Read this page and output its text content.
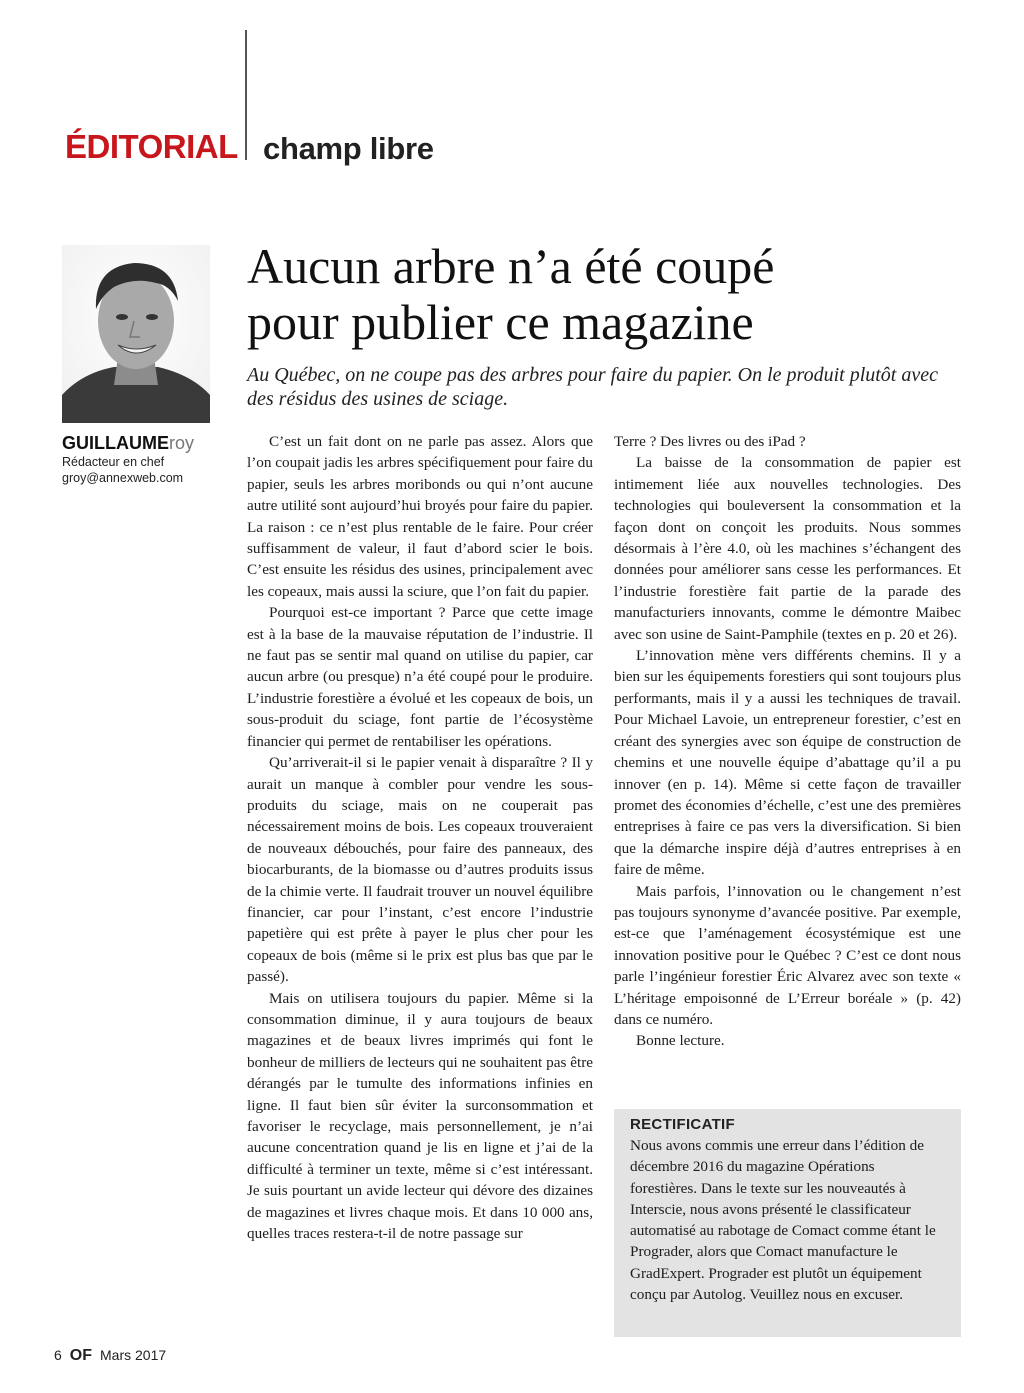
ÉDITORIAL champ libre
Aucun arbre n’a été coupé
pour publier ce magazine

Au Québec, on ne coupe pas des arbres pour faire du papier. On le produit plutôt avec des résidus des usines de sciage.

GUILLAUMEroy
Rédacteur en chef
groy@annexweb.com

C’est un fait dont on ne parle pas assez. Alors que l’on coupait jadis les arbres spécifiquement pour faire du papier, seuls les arbres moribonds ou qui n’ont aucune autre utilité sont aujourd’hui broyés pour faire du papier. La raison : ce n’est plus rentable de le faire. Pour créer suffisamment de valeur, il faut d’abord scier le bois. C’est ensuite les résidus des usines, principalement avec les copeaux, mais aussi la sciure, que l’on fait du papier.

Pourquoi est-ce important ? Parce que cette image est à la base de la mauvaise réputation de l’industrie. Il ne faut pas se sentir mal quand on utilise du papier, car aucun arbre (ou presque) n’a été coupé pour le produire. L’industrie forestière a évolué et les copeaux de bois, un sous-produit du sciage, font partie de l’écosystème financier qui permet de rentabiliser les opérations.

Qu’arriverait-il si le papier venait à disparaître ? Il y aurait un manque à combler pour vendre les sous-produits du sciage, mais on ne couperait pas nécessairement moins de bois. Les copeaux trouveraient de nouveaux débouchés, pour faire des panneaux, des biocarburants, de la biomasse ou d’autres produits issus de la chimie verte. Il faudrait trouver un nouvel équilibre financier, car pour l’instant, c’est encore l’industrie papetière qui est prête à payer le plus cher pour les copeaux de bois (même si le prix est plus bas que par le passé).

Mais on utilisera toujours du papier. Même si la consommation diminue, il y aura toujours de beaux magazines et de beaux livres imprimés qui font le bonheur de milliers de lecteurs qui ne souhaitent pas être dérangés par le tumulte des informations infinies en ligne. Il faut bien sûr éviter la surconsommation et favoriser le recyclage, mais personnellement, je n’ai aucune concentration quand je lis en ligne et j’ai de la difficulté à terminer un texte, même si c’est intéressant. Je suis pourtant un avide lecteur qui dévore des dizaines de magazines et livres chaque mois. Et dans 10 000 ans, quelles traces restera-t-il de notre passage sur

Terre ? Des livres ou des iPad ?

La baisse de la consommation de papier est intimement liée aux nouvelles technologies. Des technologies qui bouleversent la consommation et la façon dont on conçoit les produits. Nous sommes désormais à l’ère 4.0, où les machines s’échangent des données pour améliorer sans cesse les performances. Et l’industrie forestière fait partie de la parade des manufacturiers innovants, comme le démontre Maibec avec son usine de Saint-Pamphile (textes en p. 20 et 26).

L’innovation mène vers différents chemins. Il y a bien sur les équipements forestiers qui sont toujours plus performants, mais il y a aussi les techniques de travail. Pour Michael Lavoie, un entrepreneur forestier, c’est en créant des synergies avec son équipe de construction de chemins et une nouvelle équipe d’abattage qu’il a pu innover (en p. 14). Même si cette façon de travailler promet des économies d’échelle, c’est une des premières entreprises à faire ce pas vers la diversification. Si bien que la démarche inspire déjà d’autres entreprises à en faire de même.

Mais parfois, l’innovation ou le changement n’est pas toujours synonyme d’avancée positive. Par exemple, est-ce que l’aménagement écosystémique est une innovation positive pour le Québec ? C’est ce dont nous parle l’ingénieur forestier Éric Alvarez avec son texte « L’héritage empoisonné de L’Erreur boréale » (p. 42) dans ce numéro.

Bonne lecture.

RECTIFICATIF
Nous avons commis une erreur dans l’édition de décembre 2016 du magazine Opérations forestières. Dans le texte sur les nouveautés à Interscie, nous avons présenté le classificateur automatisé au rabotage de Comact comme étant le Prograder, alors que Comact manufacture le GradExpert. Prograder est plutôt un équipement conçu par Autolog. Veuillez nous en excuser.
6 OF Mars 2017
